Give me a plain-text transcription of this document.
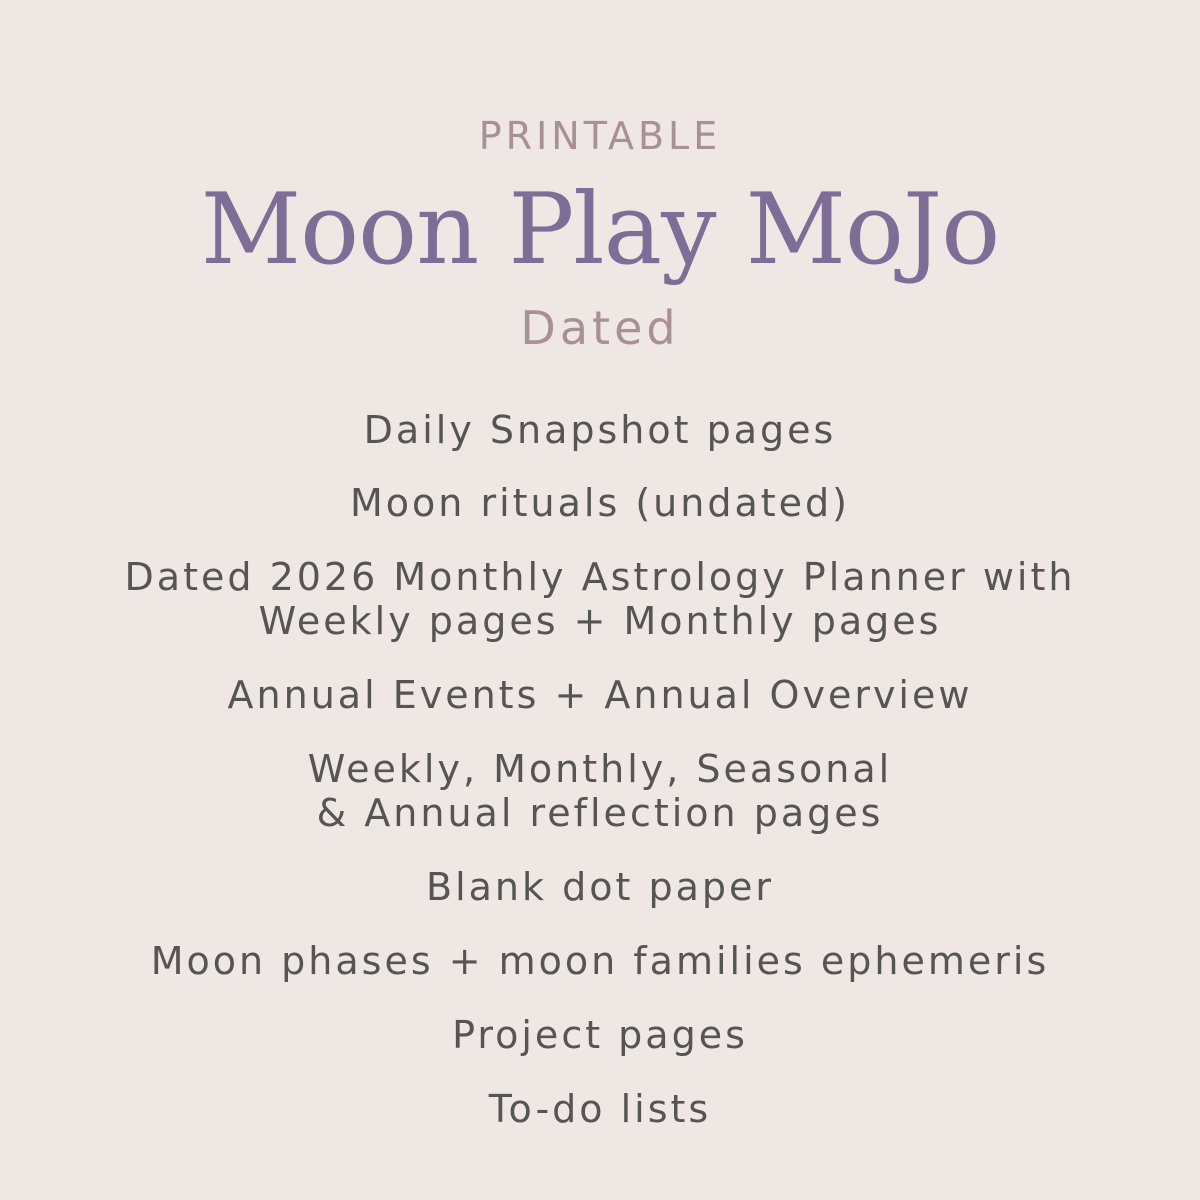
PRINTABLE
Moon Play MoJo
Dated
Daily Snapshot pages
Moon rituals (undated)
Dated 2026 Monthly Astrology Planner with
Weekly pages + Monthly pages
Annual Events + Annual Overview
Weekly, Monthly, Seasonal
& Annual reflection pages
Blank dot paper
Moon phases + moon families ephemeris
Project pages
To-do lists
